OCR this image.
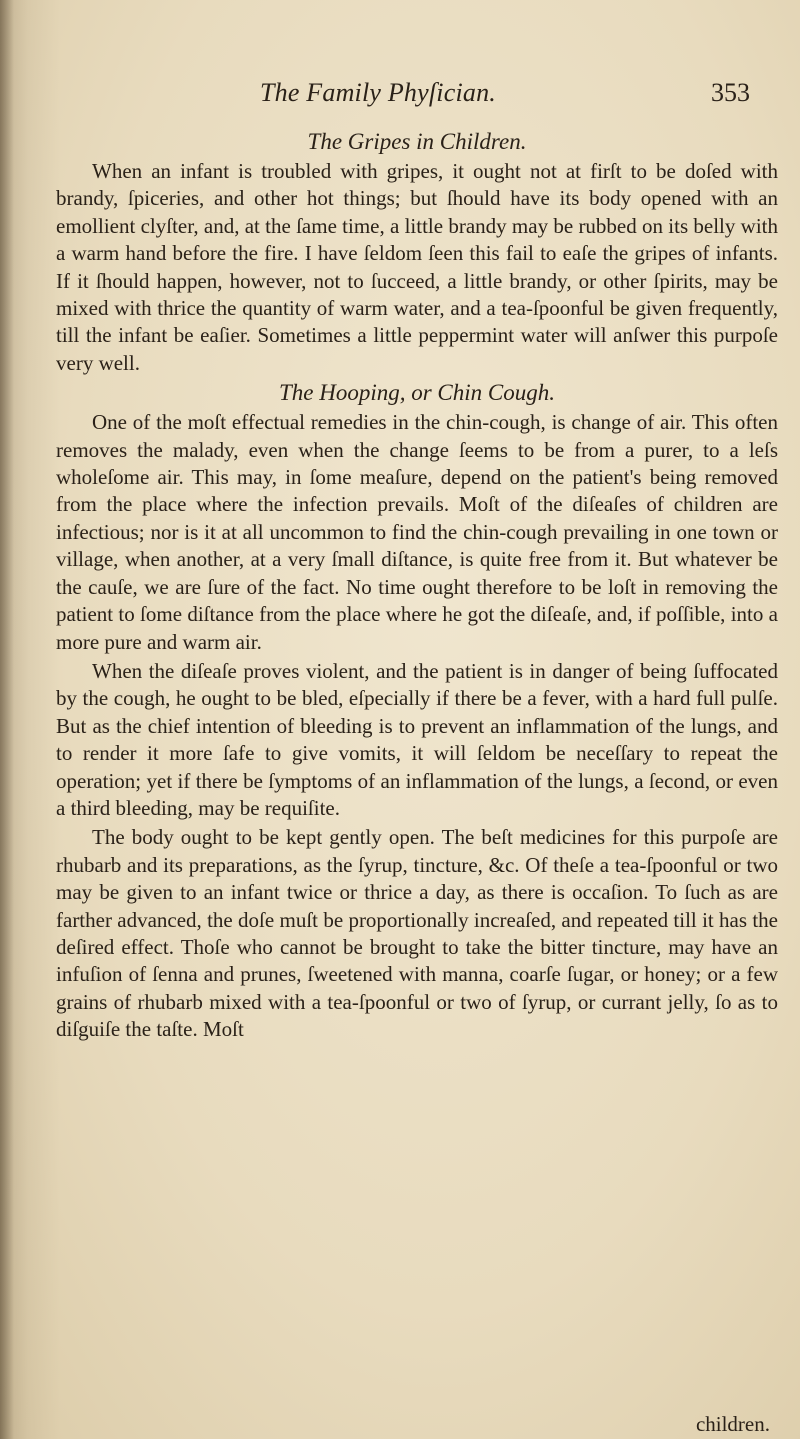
The Family Phyſician.	353
The Gripes in Children.

When an infant is troubled with gripes, it ought not at firſt to be doſed with brandy, ſpiceries, and other hot things; but ſhould have its body opened with an emollient clyſter, and, at the ſame time, a little brandy may be rubbed on its belly with a warm hand before the fire. I have ſeldom ſeen this fail to eaſe the gripes of infants. If it ſhould happen, however, not to ſucceed, a little brandy, or other ſpirits, may be mixed with thrice the quantity of warm water, and a tea-ſpoonful be given frequently, till the infant be eaſier. Sometimes a little peppermint water will anſwer this purpoſe very well.

The Hooping, or Chin Cough.

One of the moſt effectual remedies in the chin-cough, is change of air. This often removes the malady, even when the change ſeems to be from a purer, to a leſs wholeſome air. This may, in ſome meaſure, depend on the patient's being removed from the place where the infection prevails. Moſt of the diſeaſes of children are infectious; nor is it at all uncommon to find the chin-cough prevailing in one town or village, when another, at a very ſmall diſtance, is quite free from it. But whatever be the cauſe, we are ſure of the fact. No time ought therefore to be loſt in removing the patient to ſome diſtance from the place where he got the diſeaſe, and, if poſſible, into a more pure and warm air.

When the diſeaſe proves violent, and the patient is in danger of being ſuffocated by the cough, he ought to be bled, eſpecially if there be a fever, with a hard full pulſe. But as the chief intention of bleeding is to prevent an inflammation of the lungs, and to render it more ſafe to give vomits, it will ſeldom be neceſſary to repeat the operation; yet if there be ſymptoms of an inflammation of the lungs, a ſecond, or even a third bleeding, may be requiſite.

The body ought to be kept gently open. The beſt medicines for this purpoſe are rhubarb and its preparations, as the ſyrup, tincture, &c. Of theſe a tea-ſpoonful or two may be given to an infant twice or thrice a day, as there is occaſion. To ſuch as are farther advanced, the doſe muſt be proportionally increaſed, and repeated till it has the deſired effect. Thoſe who cannot be brought to take the bitter tincture, may have an infuſion of ſenna and prunes, ſweetened with manna, coarſe ſugar, or honey; or a few grains of rhubarb mixed with a tea-ſpoonful or two of ſyrup, or currant jelly, ſo as to diſguiſe the taſte. Moſt

children.
